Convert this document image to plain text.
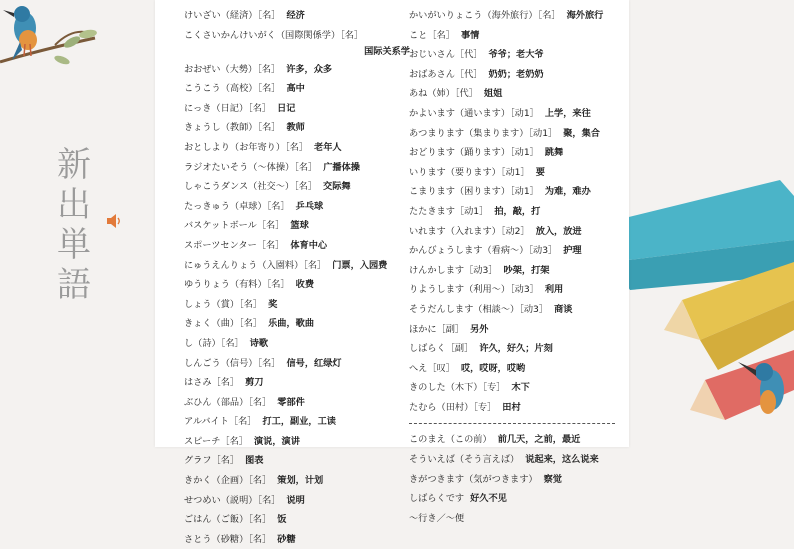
新
出
単
語
けいざい（経済）［名］ 经济
こくさいかんけいがく（国際関係学）［名］
国际关系学
おおぜい（大勢）［名］ 许多，众多
こうこう（高校）［名］ 高中
にっき（日記）［名］ 日记
きょうし（教師）［名］ 教师
おとしより（お年寄り）［名］ 老年人
ラジオたいそう（～体操）［名］ 广播体操
しゃこうダンス（社交～）［名］ 交际舞
たっきゅう（卓球）［名］ 乒乓球
バスケットボール［名］ 篮球
スポーツセンター［名］ 体育中心
にゅうえんりょう（入園料）［名］ 门票，入园费
ゆうりょう（有料）［名］ 收费
しょう（賞）［名］ 奖
きょく（曲）［名］ 乐曲，歌曲
し（詩）［名］ 诗歌
しんごう（信号）［名］ 信号，红绿灯
はさみ［名］ 剪刀
ぶひん（部品）［名］ 零部件
アルバイト［名］ 打工，副业，工读
スピーチ［名］ 演说，演讲
グラフ［名］ 图表
きかく（企画）［名］ 策划，计划
せつめい（説明）［名］ 说明
ごはん（ご飯）［名］ 饭
さとう（砂糖）［名］ 砂糖
かいがいりょこう（海外旅行）［名］ 海外旅行
こと［名］ 事情
おじいさん［代］ 爷爷；老大爷
おばあさん［代］ 奶奶；老奶奶
あね（姉）［代］ 姐姐
かよいます（通います）［动1］ 上学，来往
あつまります（集まります）［动1］ 聚，集合
おどります（踊ります）［动1］ 跳舞
いります（要ります）［动1］ 要
こまります（困ります）［动1］ 为难，难办
たたきます［动1］ 拍，敲，打
いれます（入れます）［动2］ 放入，放进
かんびょうします（看病～）［动3］ 护理
けんかします［动3］ 吵架，打架
りようします（利用～）［动3］ 利用
そうだんします（相談～）［动3］ 商谈
ほかに［副］ 另外
しばらく［副］ 许久，好久；片刻
へえ［叹］ 哎，哎呀，哎哟
きのした（木下）［专］ 木下
たむら（田村）［专］ 田村
このまえ（この前） 前几天，之前，最近
そういえば（そう言えば） 说起来，这么说来
きがつきます（気がつきます） 察觉
しばらくです 好久不见
～行き／～便
